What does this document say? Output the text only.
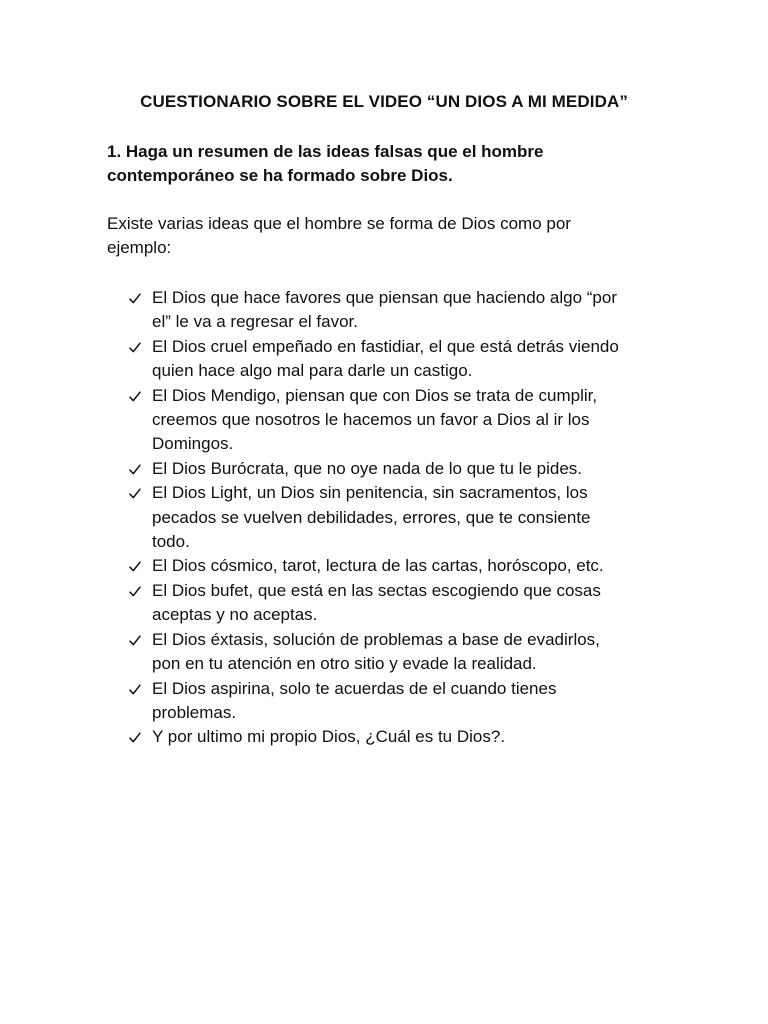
CUESTIONARIO SOBRE EL VIDEO “UN DIOS A MI MEDIDA”
1. Haga un resumen de las ideas falsas que el hombre
contemporáneo se ha formado sobre Dios.
Existe varias ideas que el hombre se forma de Dios como por
ejemplo:
El Dios que hace favores que piensan que haciendo algo “por
el” le va a regresar el favor.
El Dios cruel empeñado en fastidiar, el que está detrás viendo
quien hace algo mal para darle un castigo.
El Dios Mendigo, piensan que con Dios se trata de cumplir,
creemos que nosotros le hacemos un favor a Dios al ir los
Domingos.
El Dios Burócrata, que no oye nada de lo que tu le pides.
El Dios Light, un Dios sin penitencia, sin sacramentos, los
pecados se vuelven debilidades, errores, que te consiente
todo.
El Dios cósmico, tarot, lectura de las cartas, horóscopo, etc.
El Dios bufet, que está en las sectas escogiendo que cosas
aceptas y no aceptas.
El Dios éxtasis, solución de problemas a base de evadirlos,
pon en tu atención en otro sitio y evade la realidad.
El Dios aspirina, solo te acuerdas de el cuando tienes
problemas.
Y por ultimo mi propio Dios, ¿Cuál es tu Dios?.
